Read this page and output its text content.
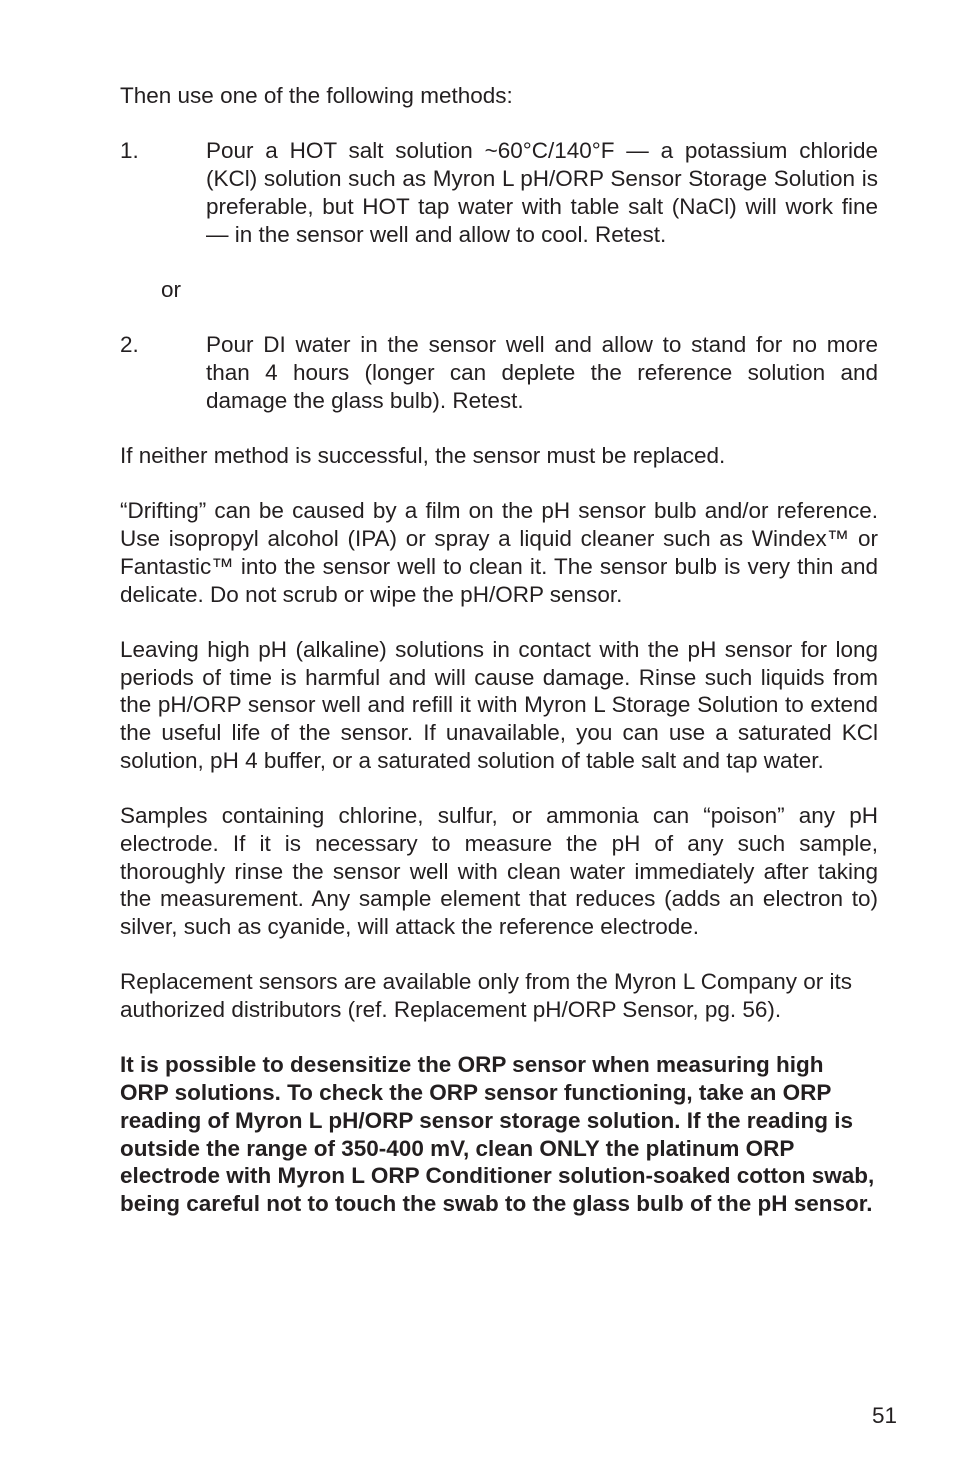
Then use one of the following methods:

1.	Pour a HOT salt solution ~60°C/140°F — a potassium chloride (KCl) solution such as Myron L pH/ORP Sensor Storage Solution is preferable, but HOT tap water with table salt (NaCl) will work fine — in the sensor well and allow to cool. Retest.

or

2.	Pour DI water in the sensor well and allow to stand for no more than 4 hours (longer can deplete the reference solution and damage the glass bulb). Retest.

If neither method is successful, the sensor must be replaced.

“Drifting” can be caused by a film on the pH sensor bulb and/or reference. Use isopropyl alcohol (IPA) or spray a liquid cleaner such as Windex™ or Fantastic™ into the sensor well to clean it. The sensor bulb is very thin and delicate. Do not scrub or wipe the pH/ORP sensor.

Leaving high pH (alkaline) solutions in contact with the pH sensor for long periods of time is harmful and will cause damage. Rinse such liquids from the pH/ORP sensor well and refill it with Myron L Storage Solution to extend the useful life of the sensor. If unavailable, you can use a saturated KCl solution, pH 4 buffer, or a saturated solution of table salt and tap water.

Samples containing chlorine, sulfur, or ammonia can “poison” any pH electrode. If it is necessary to measure the pH of any such sample, thoroughly rinse the sensor well with clean water immediately after taking the measurement. Any sample element that reduces (adds an electron to) silver, such as cyanide, will attack the reference electrode.

Replacement sensors are available only from the Myron L Company or its authorized distributors (ref. Replacement pH/ORP Sensor, pg. 56).

It is possible to desensitize the ORP sensor when measuring high ORP solutions. To check the ORP sensor functioning, take an ORP reading of Myron L pH/ORP sensor storage solution. If the reading is outside the range of 350-400 mV, clean ONLY the platinum ORP electrode with Myron L ORP Conditioner solution-soaked cotton swab, being careful not to touch the swab to the glass bulb of the pH sensor.

51
